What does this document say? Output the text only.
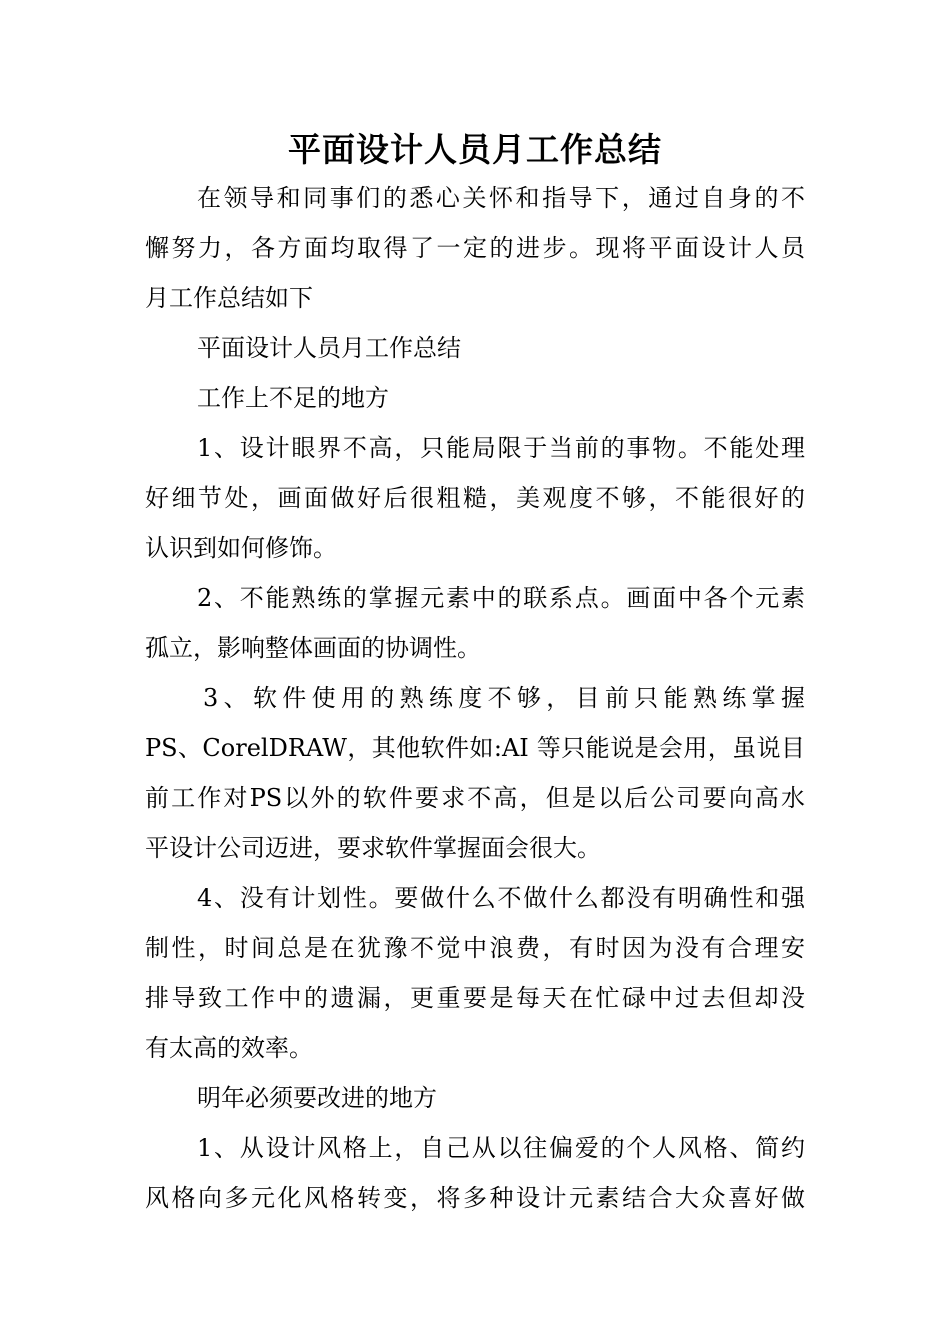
平面设计人员月工作总结
在领导和同事们的悉心关怀和指导下，通过自身的不
懈努力，各方面均取得了一定的进步。现将平面设计人员
月工作总结如下
平面设计人员月工作总结
工作上不足的地方
1、设计眼界不高，只能局限于当前的事物。不能处理
好细节处，画面做好后很粗糙，美观度不够，不能很好的
认识到如何修饰。
2、不能熟练的掌握元素中的联系点。画面中各个元素
孤立，影响整体画面的协调性。
3、软件使用的熟练度不够，目前只能熟练掌握
PS、CorelDRAW，其他软件如:AI 等只能说是会用，虽说目
前工作对PS以外的软件要求不高，但是以后公司要向高水
平设计公司迈进，要求软件掌握面会很大。
4、没有计划性。要做什么不做什么都没有明确性和强
制性，时间总是在犹豫不觉中浪费，有时因为没有合理安
排导致工作中的遗漏，更重要是每天在忙碌中过去但却没
有太高的效率。
明年必须要改进的地方
1、从设计风格上，自己从以往偏爱的个人风格、简约
风格向多元化风格转变，将多种设计元素结合大众喜好做
